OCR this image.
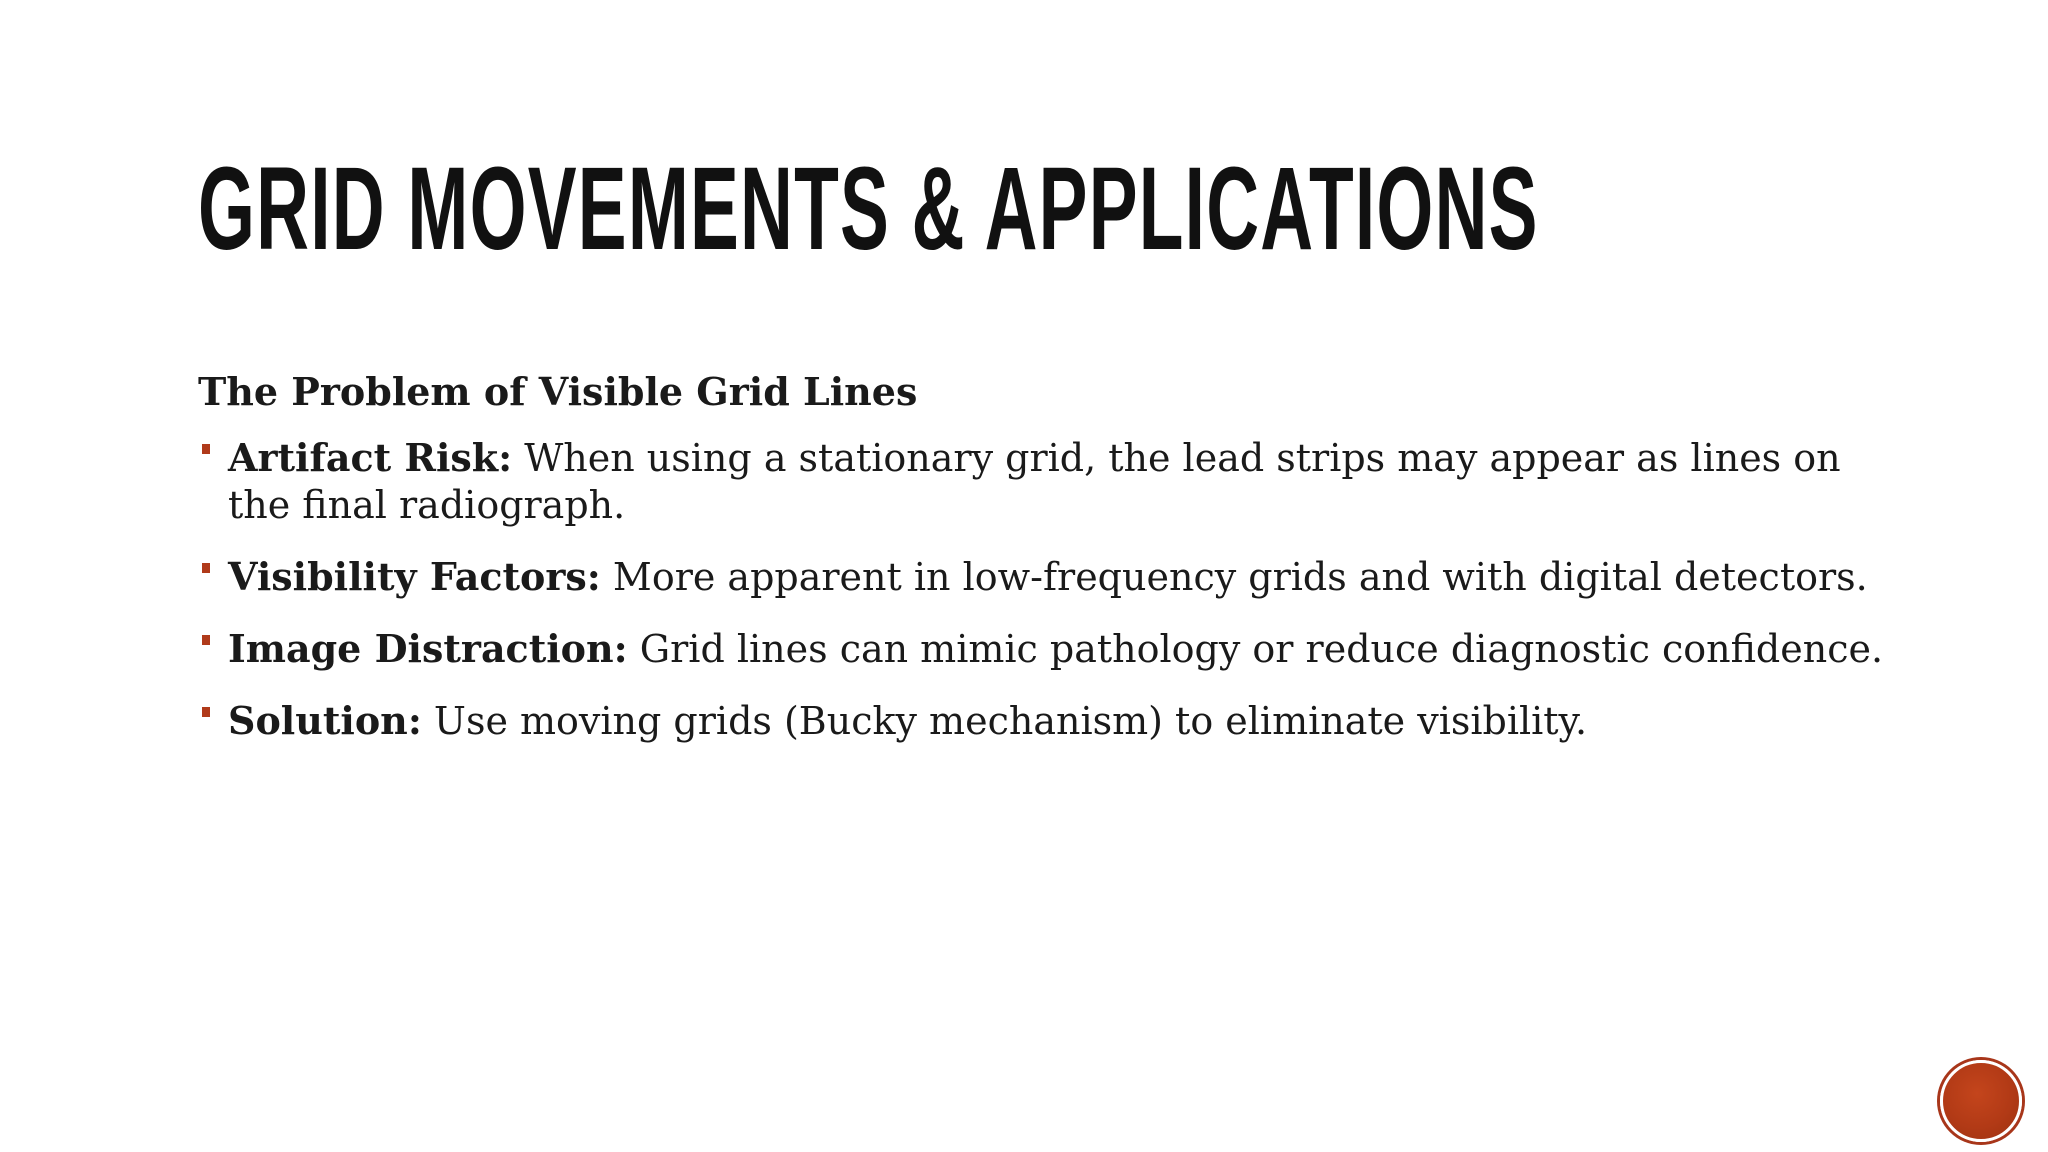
GRID MOVEMENTS & APPLICATIONS
The Problem of Visible Grid Lines
Artifact Risk: When using a stationary grid, the lead strips may appear as lines on the final radiograph.
Visibility Factors: More apparent in low-frequency grids and with digital detectors.
Image Distraction: Grid lines can mimic pathology or reduce diagnostic confidence.
Solution: Use moving grids (Bucky mechanism) to eliminate visibility.
